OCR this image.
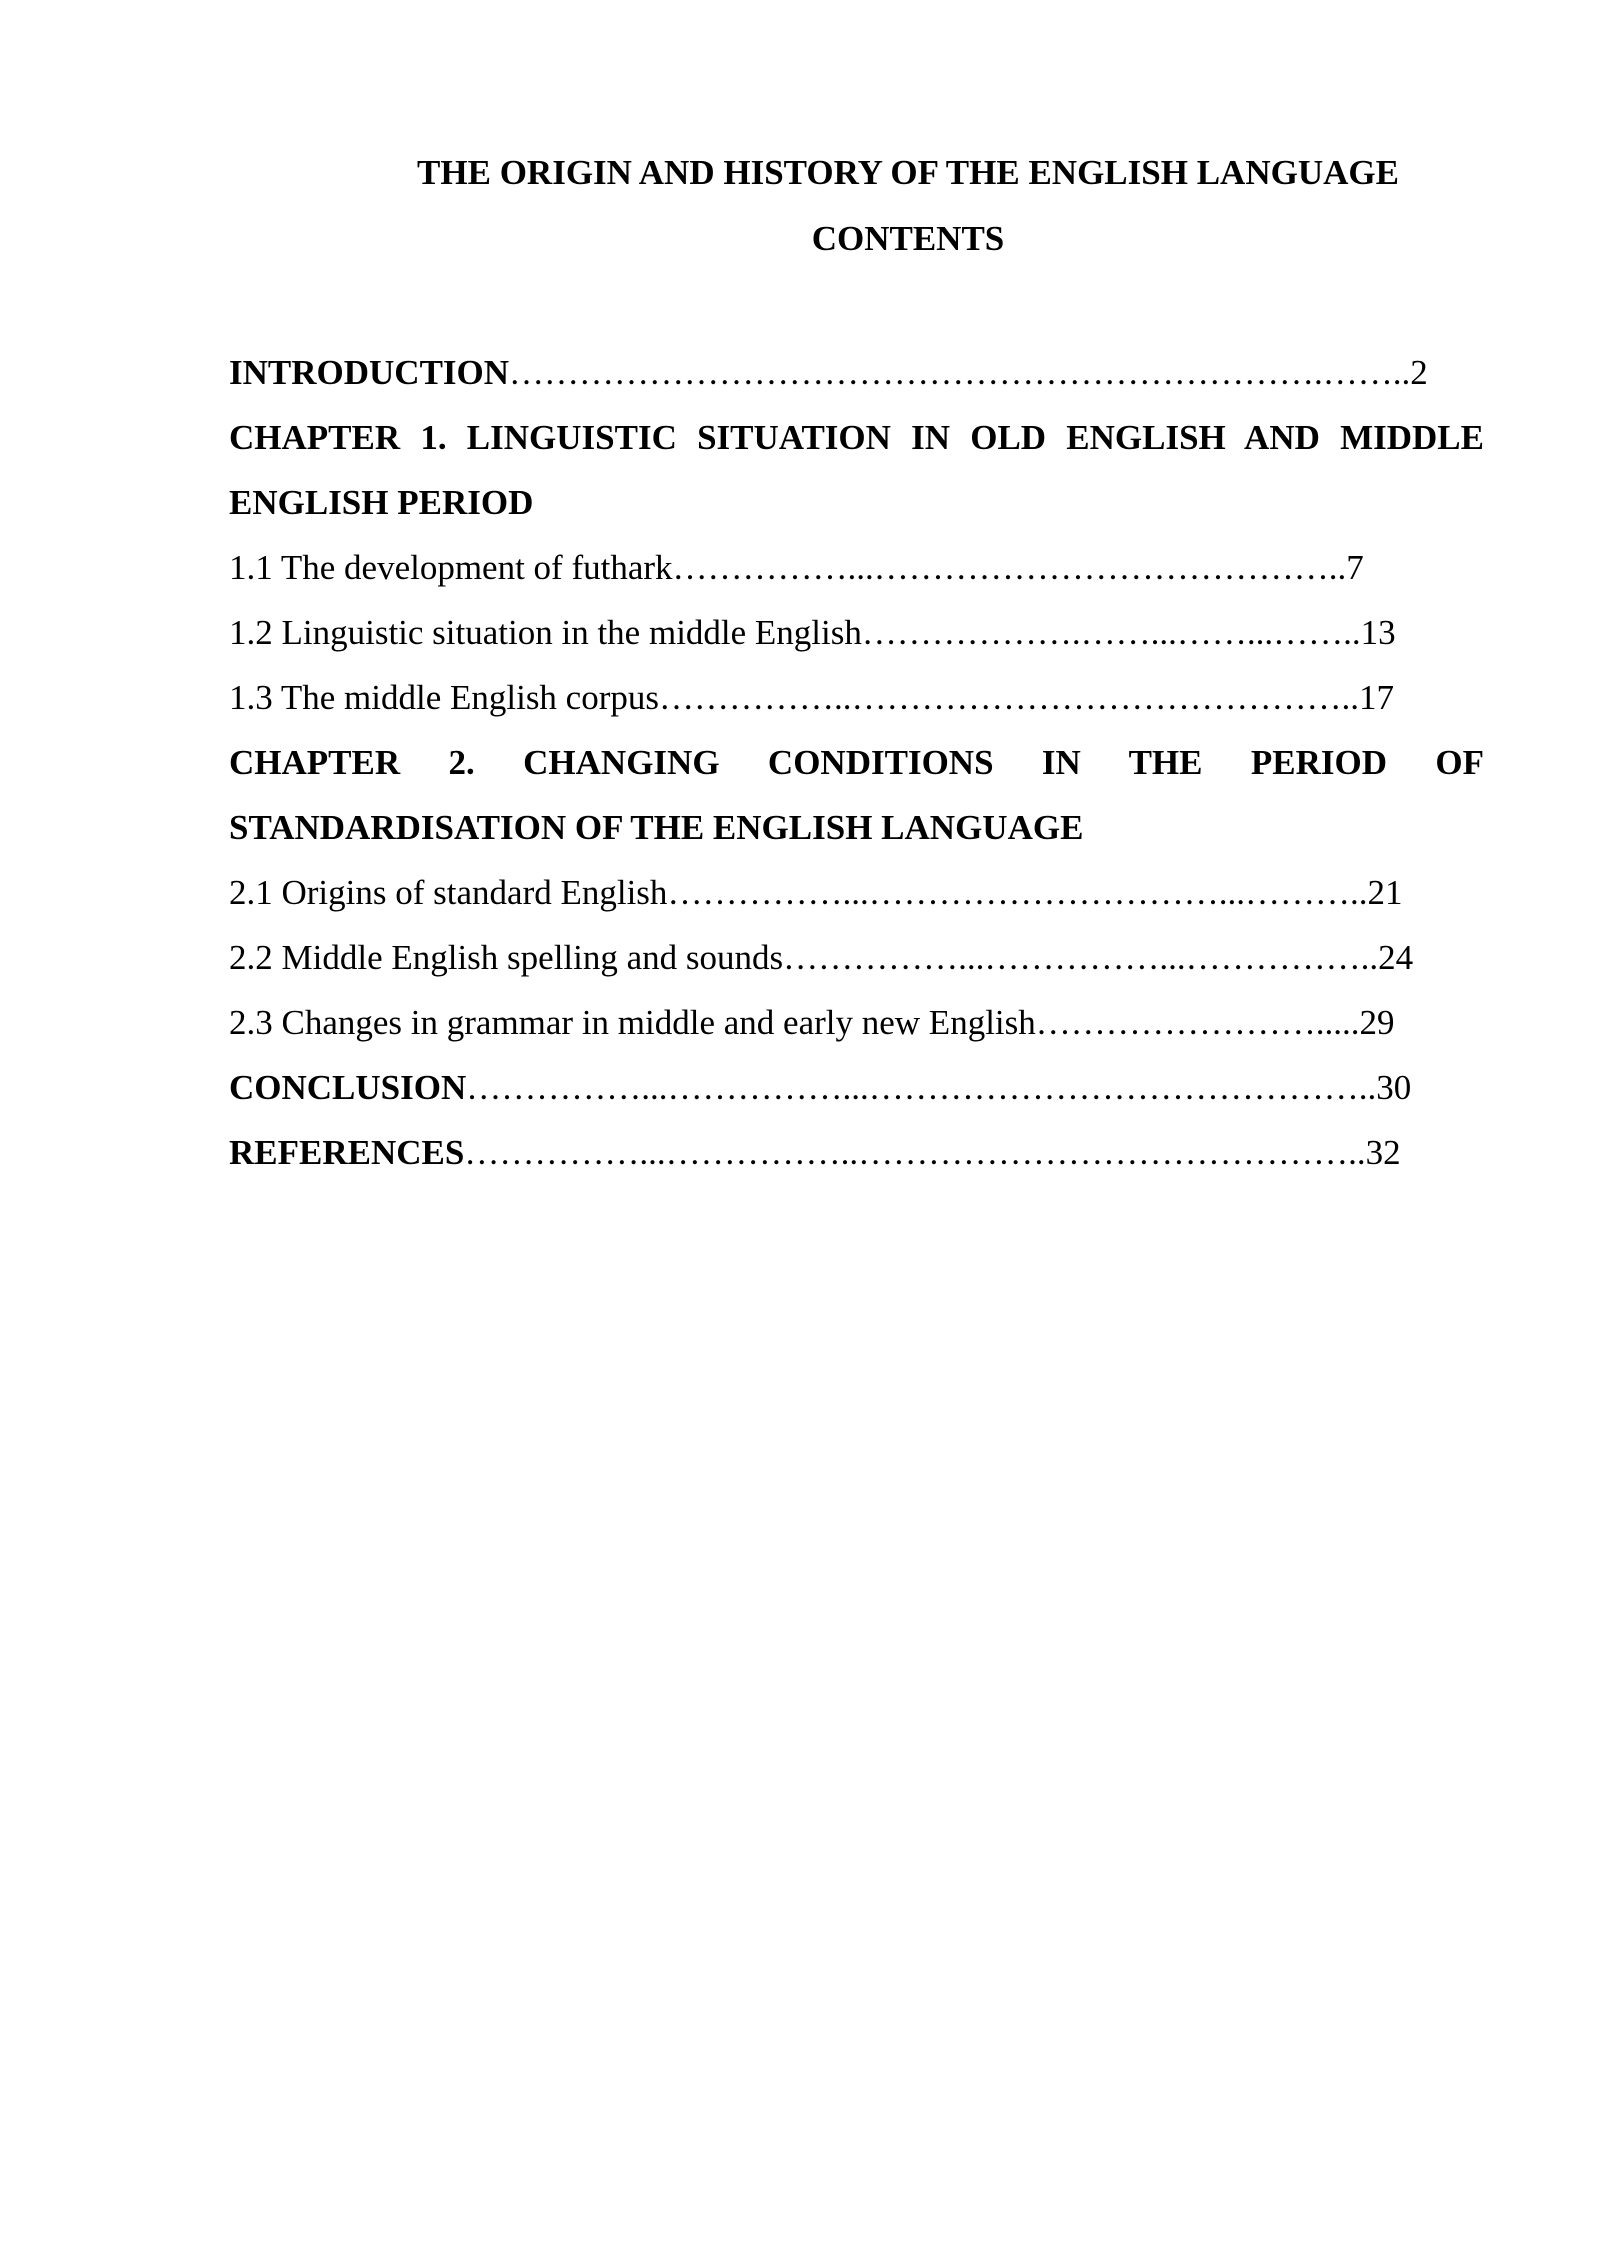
THE ORIGIN AND HISTORY OF THE ENGLISH LANGUAGE
CONTENTS
INTRODUCTION…………………………………………………………….……..2
CHAPTER 1. LINGUISTIC SITUATION IN OLD ENGLISH AND MIDDLE
ENGLISH PERIOD
1.1 The development of futhark……………...…………………………………..7
1.2 Linguistic situation in the middle English……………….……...……...……..13
1.3 The middle English corpus……………..……………………………………..17
CHAPTER 2. CHANGING CONDITIONS IN THE PERIOD OF
STANDARDISATION OF THE ENGLISH LANGUAGE
2.1 Origins of standard English……………...…………………………...………..21
2.2 Middle English spelling and sounds……………...……………...……………..24
2.3 Changes in grammar in middle and early new English…………………….....29
CONCLUSION……………...……………...……………………………………..30
REFERENCES……………...……………..……………………………………..32
